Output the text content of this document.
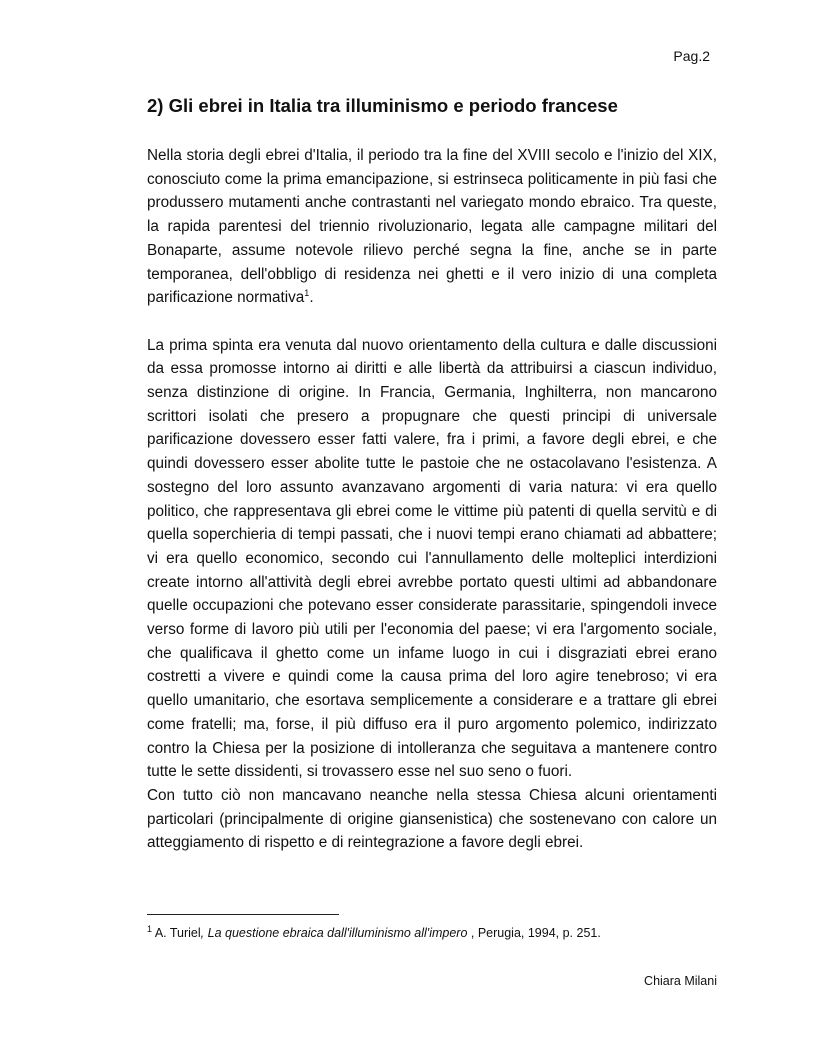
Pag.2
2) Gli ebrei in Italia tra illuminismo e periodo francese

Nella storia degli ebrei d'Italia, il periodo tra la fine del XVIII secolo e l'inizio del XIX, conosciuto come la prima emancipazione, si estrinseca politicamente in più fasi che produssero mutamenti anche contrastanti nel variegato mondo ebraico. Tra queste, la rapida parentesi del triennio rivoluzionario, legata alle campagne militari del Bonaparte, assume notevole rilievo perché segna la fine, anche se in parte temporanea, dell'obbligo di residenza nei ghetti e il vero inizio di una completa parificazione normativa$^1$.

La prima spinta era venuta dal nuovo orientamento della cultura e dalle discussioni da essa promosse intorno ai diritti e alle libertà da attribuirsi a ciascun individuo, senza distinzione di origine. In Francia, Germania, Inghilterra, non mancarono scrittori isolati che presero a propugnare che questi principi di universale parificazione dovessero esser fatti valere, fra i primi, a favore degli ebrei, e che quindi dovessero esser abolite tutte le pastoie che ne ostacolavano l'esistenza. A sostegno del loro assunto avanzavano argomenti di varia natura: vi era quello politico, che rappresentava gli ebrei come le vittime più patenti di quella servitù e di quella soperchieria di tempi passati, che i nuovi tempi erano chiamati ad abbattere; vi era quello economico, secondo cui l'annullamento delle molteplici interdizioni create intorno all'attività degli ebrei avrebbe portato questi ultimi ad abbandonare quelle occupazioni che potevano esser considerate parassitarie, spingendoli invece verso forme di lavoro più utili per l'economia del paese; vi era l'argomento sociale, che qualificava il ghetto come un infame luogo in cui i disgraziati ebrei erano costretti a vivere e quindi come la causa prima del loro agire tenebroso; vi era quello umanitario, che esortava semplicemente a considerare e a trattare gli ebrei come fratelli; ma, forse, il più diffuso era il puro argomento polemico, indirizzato contro la Chiesa per la posizione di intolleranza che seguitava a mantenere contro tutte le sette dissidenti, si trovassero esse nel suo seno o fuori.

Con tutto ciò non mancavano neanche nella stessa Chiesa alcuni orientamenti particolari (principalmente di origine giansenistica) che sostenevano con calore un atteggiamento di rispetto e di reintegrazione a favore degli ebrei.

$^1$ A. Turiel, La questione ebraica dall'illuminismo all'impero , Perugia, 1994, p. 251.
Chiara Milani
